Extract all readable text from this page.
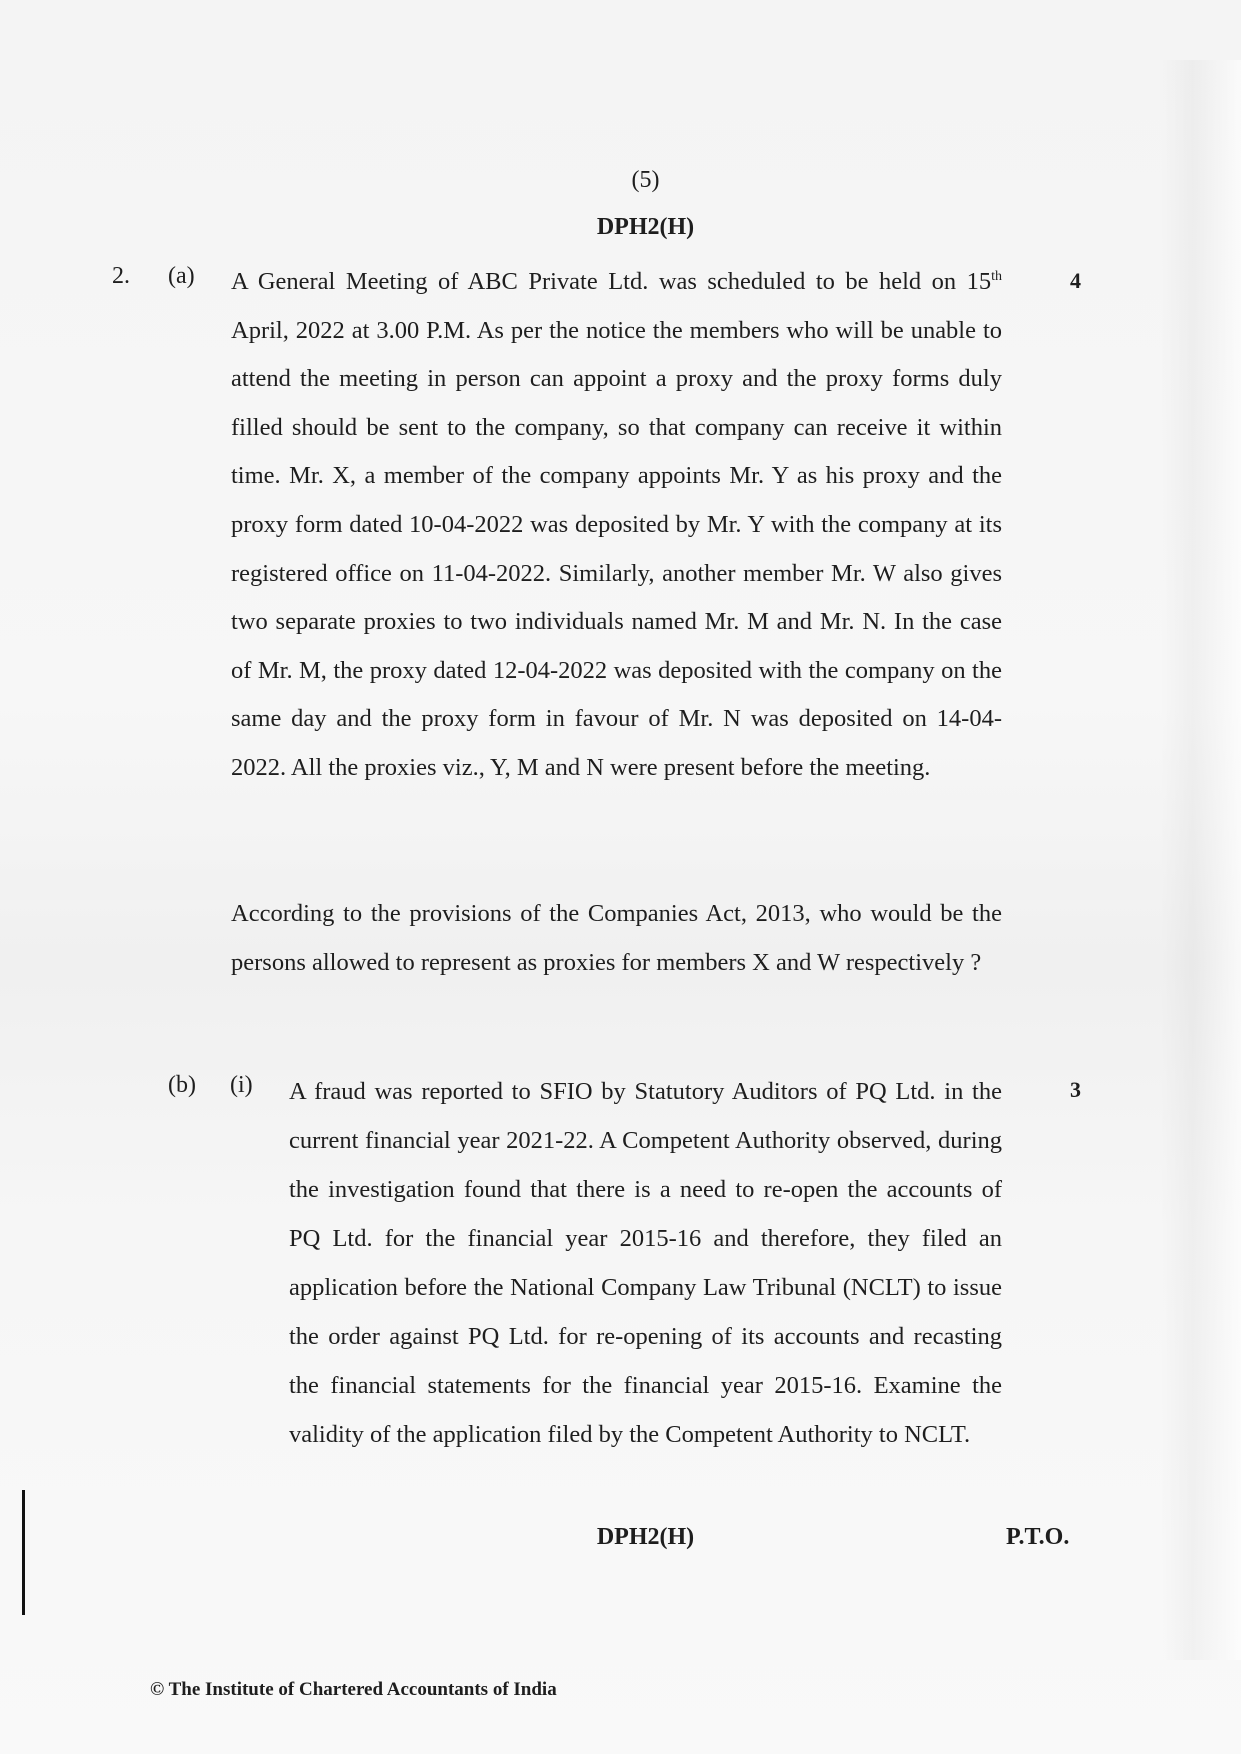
(5)
DPH2(H)
2. (a)	4
A General Meeting of ABC Private Ltd. was scheduled to be held on 15th April, 2022 at 3.00 P.M. As per the notice the members who will be unable to attend the meeting in person can appoint a proxy and the proxy forms duly filled should be sent to the company, so that company can receive it within time. Mr. X, a member of the company appoints Mr. Y as his proxy and the proxy form dated 10-04-2022 was deposited by Mr. Y with the company at its registered office on 11-04-2022. Similarly, another member Mr. W also gives two separate proxies to two individuals named Mr. M and Mr. N. In the case of Mr. M, the proxy dated 12-04-2022 was deposited with the company on the same day and the proxy form in favour of Mr. N was deposited on 14-04-2022. All the proxies viz., Y, M and N were present before the meeting.
According to the provisions of the Companies Act, 2013, who would be the persons allowed to represent as proxies for members X and W respectively ?
(b) (i)	3
A fraud was reported to SFIO by Statutory Auditors of PQ Ltd. in the current financial year 2021-22. A Competent Authority observed, during the investigation found that there is a need to re-open the accounts of PQ Ltd. for the financial year 2015-16 and therefore, they filed an application before the National Company Law Tribunal (NCLT) to issue the order against PQ Ltd. for re-opening of its accounts and recasting the financial statements for the financial year 2015-16. Examine the validity of the application filed by the Competent Authority to NCLT.
DPH2(H)	P.T.O.
© The Institute of Chartered Accountants of India
